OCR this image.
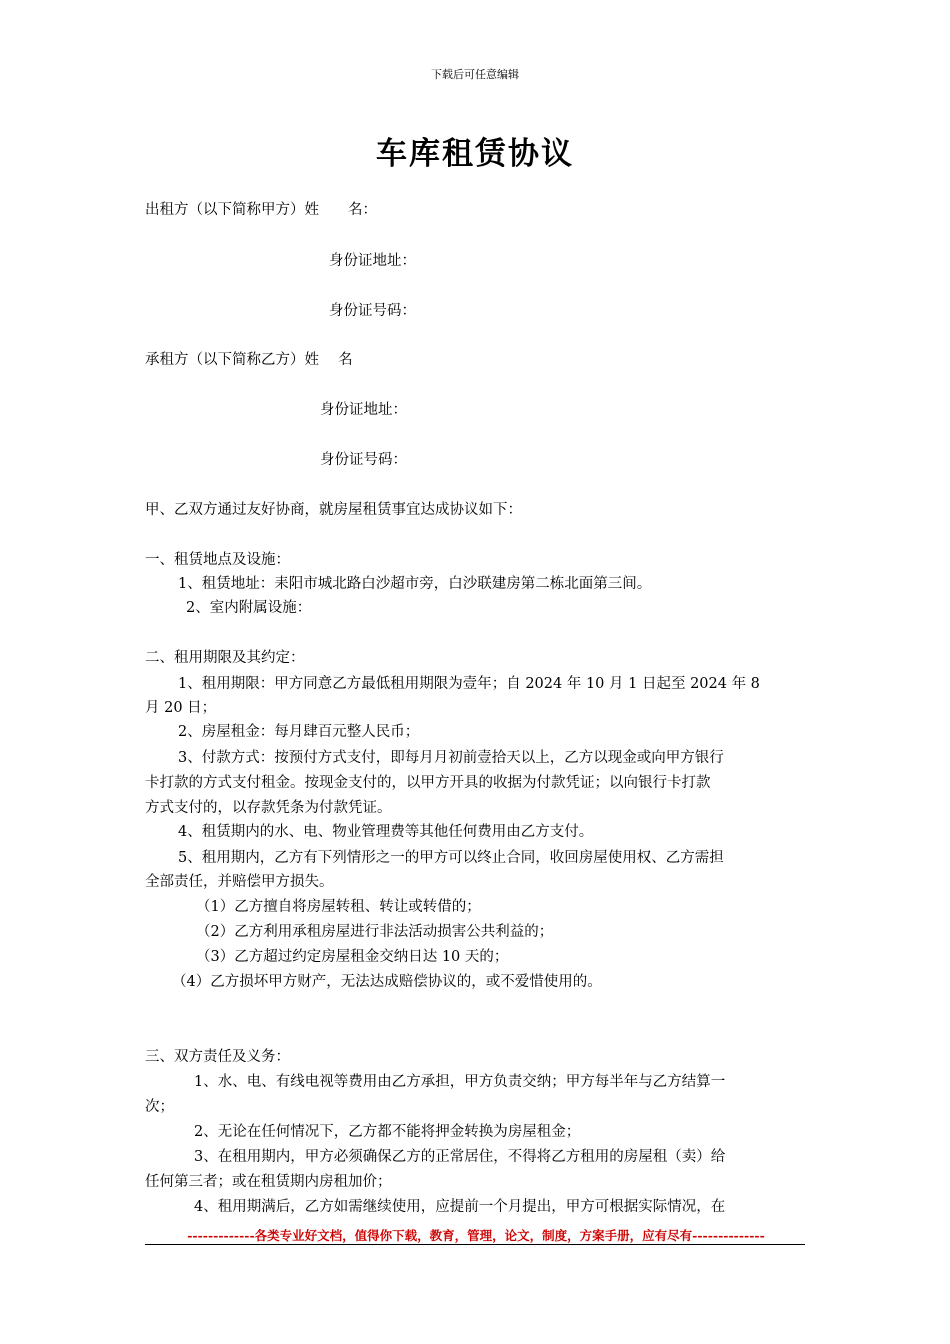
下载后可任意编辑
车库租赁协议
出租方（以下简称甲方）姓　　名：
身份证地址：
身份证号码：
承租方（以下简称乙方）姓　 名
身份证地址：
身份证号码：
甲、乙双方通过友好协商，就房屋租赁事宜达成协议如下：
一、租赁地点及设施：
1、租赁地址：耒阳市城北路白沙超市旁，白沙联建房第二栋北面第三间。
2、室内附属设施：
二、租用期限及其约定：
1、租用期限：甲方同意乙方最低租用期限为壹年；自 2024 年 10 月 1 日起至 2024 年 8
月 20 日；
2、房屋租金：每月肆百元整人民币；
3、付款方式：按预付方式支付，即每月月初前壹拾天以上，乙方以现金或向甲方银行
卡打款的方式支付租金。按现金支付的，以甲方开具的收据为付款凭证；以向银行卡打款
方式支付的，以存款凭条为付款凭证。
4、租赁期内的水、电、物业管理费等其他任何费用由乙方支付。
5、租用期内，乙方有下列情形之一的甲方可以终止合同，收回房屋使用权、乙方需担
全部责任，并赔偿甲方损失。
（1）乙方擅自将房屋转租、转让或转借的；
（2）乙方利用承租房屋进行非法活动损害公共利益的；
（3）乙方超过约定房屋租金交纳日达 10 天的；
（4）乙方损坏甲方财产，无法达成赔偿协议的，或不爱惜使用的。
三、双方责任及义务：
1、水、电、有线电视等费用由乙方承担，甲方负责交纳；甲方每半年与乙方结算一
次；
2、无论在任何情况下，乙方都不能将押金转换为房屋租金；
3、在租用期内，甲方必须确保乙方的正常居住，不得将乙方租用的房屋租（卖）给
任何第三者；或在租赁期内房租加价；
4、租用期满后，乙方如需继续使用，应提前一个月提出，甲方可根据实际情况，在
-------------各类专业好文档，值得你下载，教育，管理，论文，制度，方案手册，应有尽有--------------
